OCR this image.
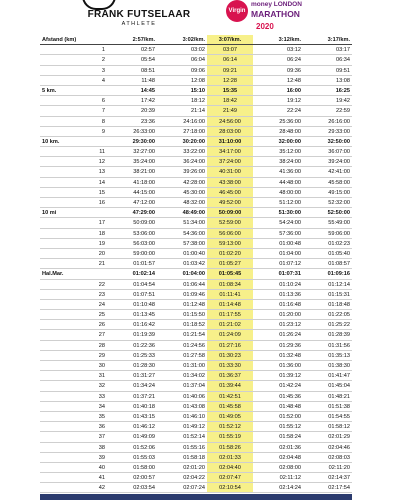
FRANK FUTSELAAR
ATHLETE
Virgin
money LONDON
MARATHON
2020
Afstand (km)	2:57/km.	3:02/km.	3:07/km.	3:12/km.	3:17/km.
1	02:57	03:02	03:07	03:12	03:17
2	05:54	06:04	06:14	06:24	06:34
3	08:51	09:06	09:21	09:36	09:51
4	11:48	12:08	12:28	12:48	13:08
5 km.	14:45	15:10	15:35	16:00	16:25
6	17:42	18:12	18:42	19:12	19:42
7	20:39	21:14	21:49	22:24	22:59
8	23:36	24:16:00	24:56:00	25:36:00	26:16:00
9	26:33:00	27:18:00	28:03:00	28:48:00	29:33:00
10 km.	29:30:00	30:20:00	31:10:00	32:00:00	32:50:00
11	32:27:00	33:22:00	34:17:00	35:12:00	36:07:00
12	35:24:00	36:24:00	37:24:00	38:24:00	39:24:00
13	38:21:00	39:26:00	40:31:00	41:36:00	42:41:00
14	41:18:00	42:28:00	43:38:00	44:48:00	45:58:00
15	44:15:00	45:30:00	46:45:00	48:00:00	49:15:00
16	47:12:00	48:32:00	49:52:00	51:12:00	52:32:00
10 mi	47:29:00	48:49:00	50:09:00	51:30:00	52:50:00
17	50:09:00	51:34:00	52:59:00	54:24:00	55:49:00
18	53:06:00	54:36:00	56:06:00	57:36:00	59:06:00
19	56:03:00	57:38:00	59:13:00	01:00:48	01:02:23
20	59:00:00	01:00:40	01:02:20	01:04:00	01:05:40
21	01:01:57	01:03:42	01:05:27	01:07:12	01:08:57
Hal.Mar.	01:02:14	01:04:00	01:05:45	01:07:31	01:09:16
22	01:04:54	01:06:44	01:08:34	01:10:24	01:12:14
23	01:07:51	01:09:46	01:11:41	01:13:36	01:15:31
24	01:10:48	01:12:48	01:14:48	01:16:48	01:18:48
25	01:13:45	01:15:50	01:17:55	01:20:00	01:22:05
26	01:16:42	01:18:52	01:21:02	01:23:12	01:25:22
27	01:19:39	01:21:54	01:24:09	01:26:24	01:28:39
28	01:22:36	01:24:56	01:27:16	01:29:36	01:31:56
29	01:25:33	01:27:58	01:30:23	01:32:48	01:35:13
30	01:28:30	01:31:00	01:33:30	01:36:00	01:38:30
31	01:31:27	01:34:02	01:36:37	01:39:12	01:41:47
32	01:34:24	01:37:04	01:39:44	01:42:24	01:45:04
33	01:37:21	01:40:06	01:42:51	01:45:36	01:48:21
34	01:40:18	01:43:08	01:45:58	01:48:48	01:51:38
35	01:43:15	01:46:10	01:49:05	01:52:00	01:54:55
36	01:46:12	01:49:12	01:52:12	01:55:12	01:58:12
37	01:49:09	01:52:14	01:55:19	01:58:24	02:01:29
38	01:52:06	01:55:16	01:58:26	02:01:36	02:04:46
39	01:55:03	01:58:18	02:01:33	02:04:48	02:08:03
40	01:58:00	02:01:20	02:04:40	02:08:00	02:11:20
41	02:00:57	02:04:22	02:07:47	02:11:12	02:14:37
42	02:03:54	02:07:24	02:10:54	02:14:24	02:17:54
